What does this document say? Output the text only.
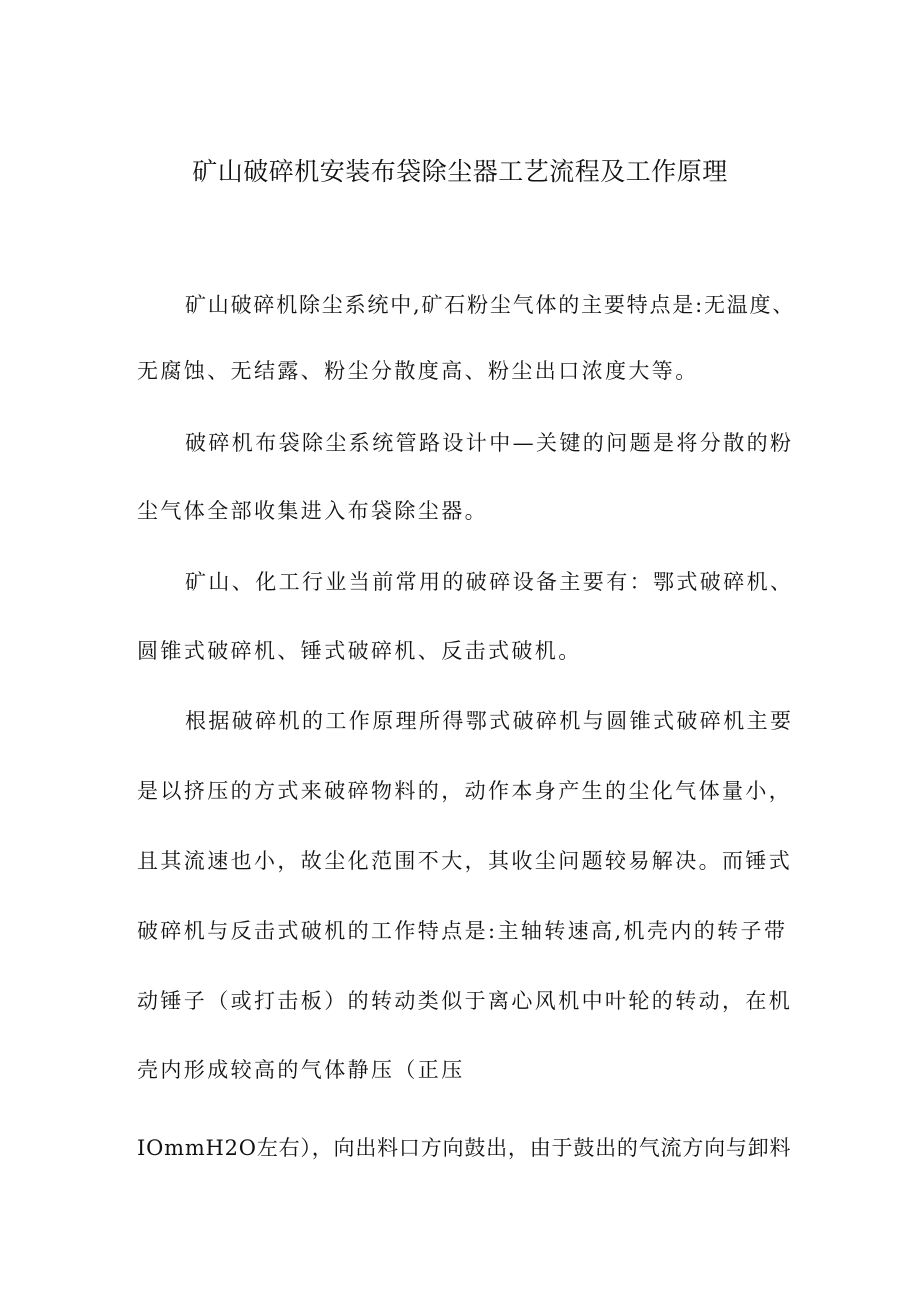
矿山破碎机安装布袋除尘器工艺流程及工作原理
矿山破碎机除尘系统中,矿石粉尘气体的主要特点是:无温度、
无腐蚀、无结露、粉尘分散度高、粉尘出口浓度大等。
破碎机布袋除尘系统管路设计中—关键的问题是将分散的粉
尘气体全部收集进入布袋除尘器。
矿山、化工行业当前常用的破碎设备主要有：鄂式破碎机、
圆锥式破碎机、锤式破碎机、反击式破机。
根据破碎机的工作原理所得鄂式破碎机与圆锥式破碎机主要
是以挤压的方式来破碎物料的，动作本身产生的尘化气体量小，
且其流速也小，故尘化范围不大，其收尘问题较易解决。而锤式
破碎机与反击式破机的工作特点是:主轴转速高,机壳内的转子带
动锤子（或打击板）的转动类似于离心风机中叶轮的转动，在机
壳内形成较高的气体静压（正压
IOmmH2O左右），向出料口方向鼓出，由于鼓出的气流方向与卸料
